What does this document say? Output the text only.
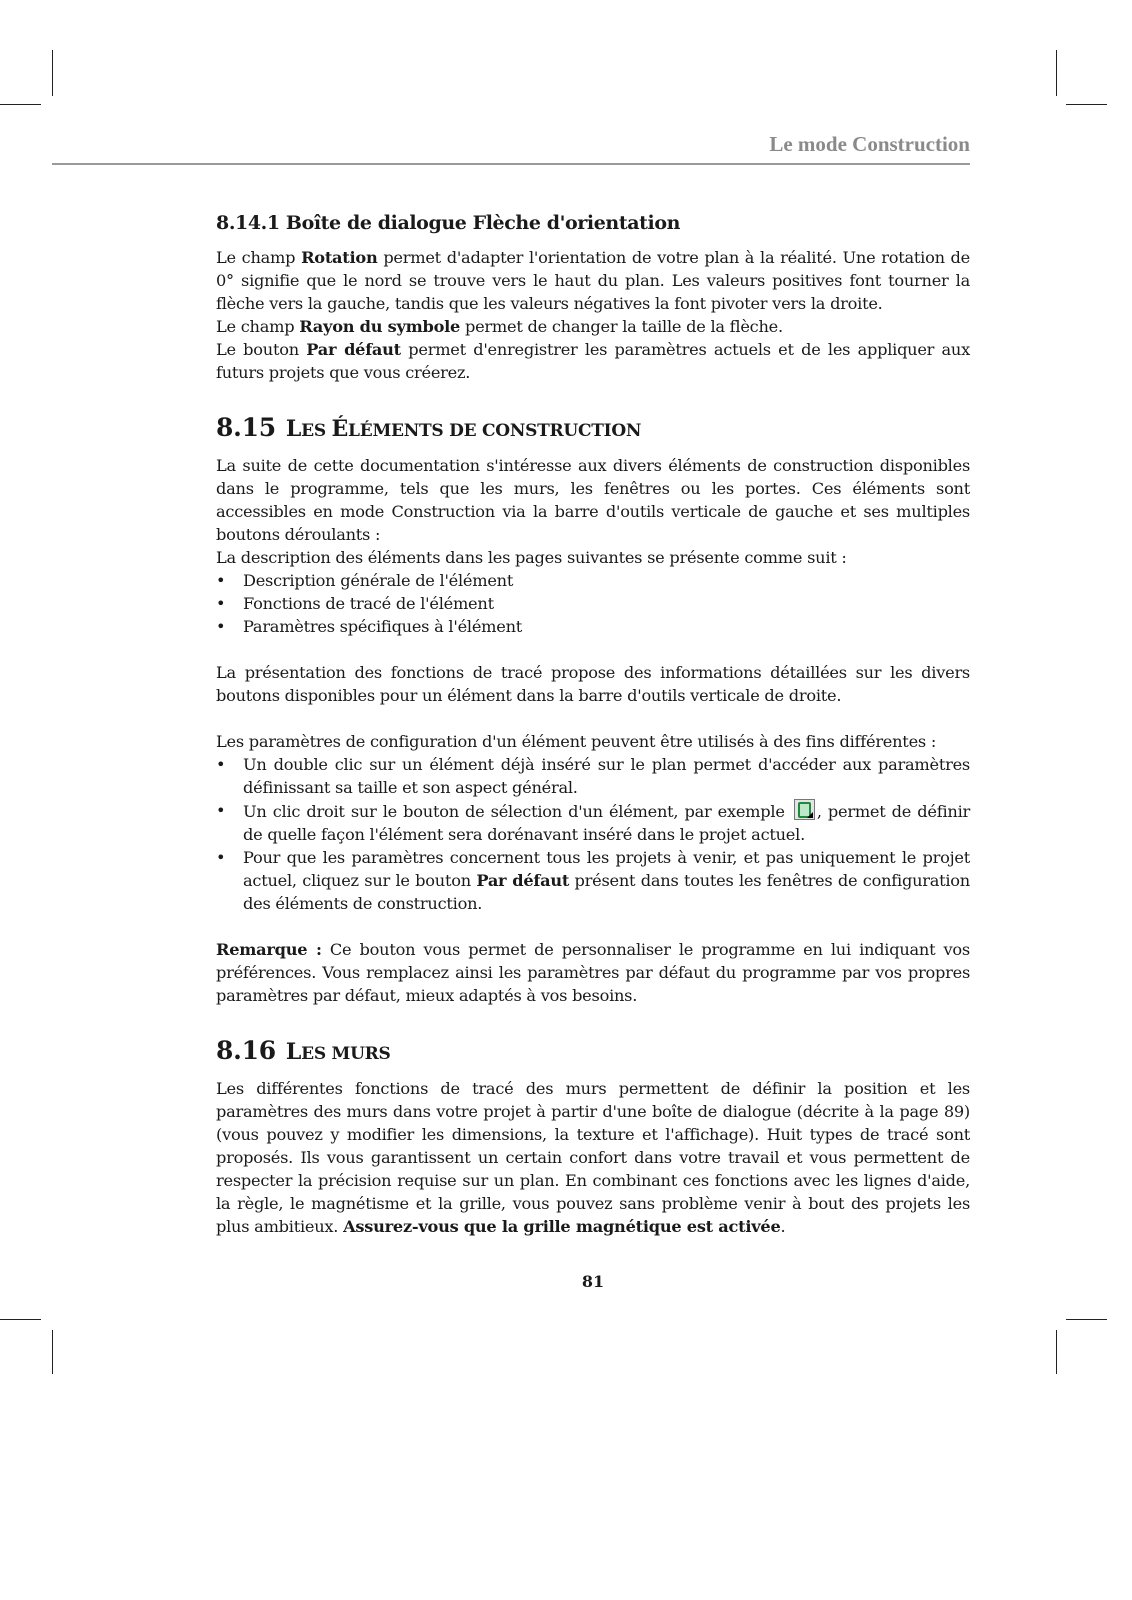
Le mode Construction
8.14.1 Boîte de dialogue Flèche d'orientation

Le champ Rotation permet d'adapter l'orientation de votre plan à la réalité. Une rotation de 0° signifie que le nord se trouve vers le haut du plan. Les valeurs positives font tourner la flèche vers la gauche, tandis que les valeurs négatives la font pivoter vers la droite.

Le champ Rayon du symbole permet de changer la taille de la flèche.

Le bouton Par défaut permet d'enregistrer les paramètres actuels et de les appliquer aux futurs projets que vous créerez.

8.15 LES ÉLÉMENTS DE CONSTRUCTION

La suite de cette documentation s'intéresse aux divers éléments de construction disponibles dans le programme, tels que les murs, les fenêtres ou les portes. Ces éléments sont accessibles en mode Construction via la barre d'outils verticale de gauche et ses multiples boutons déroulants :

La description des éléments dans les pages suivantes se présente comme suit :

• Description générale de l'élément
• Fonctions de tracé de l'élément
• Paramètres spécifiques à l'élément

La présentation des fonctions de tracé propose des informations détaillées sur les divers boutons disponibles pour un élément dans la barre d'outils verticale de droite.

Les paramètres de configuration d'un élément peuvent être utilisés à des fins différentes :

• Un double clic sur un élément déjà inséré sur le plan permet d'accéder aux paramètres définissant sa taille et son aspect général.
• Un clic droit sur le bouton de sélection d'un élément, par exemple , permet de définir de quelle façon l'élément sera dorénavant inséré dans le projet actuel.
• Pour que les paramètres concernent tous les projets à venir, et pas uniquement le projet actuel, cliquez sur le bouton Par défaut présent dans toutes les fenêtres de configuration des éléments de construction.

Remarque : Ce bouton vous permet de personnaliser le programme en lui indiquant vos préférences. Vous remplacez ainsi les paramètres par défaut du programme par vos propres paramètres par défaut, mieux adaptés à vos besoins.

8.16 LES MURS

Les différentes fonctions de tracé des murs permettent de définir la position et les paramètres des murs dans votre projet à partir d'une boîte de dialogue (décrite à la page 89) (vous pouvez y modifier les dimensions, la texture et l'affichage). Huit types de tracé sont proposés. Ils vous garantissent un certain confort dans votre travail et vous permettent de respecter la précision requise sur un plan. En combinant ces fonctions avec les lignes d'aide, la règle, le magnétisme et la grille, vous pouvez sans problème venir à bout des projets les plus ambitieux. Assurez-vous que la grille magnétique est activée.

81
